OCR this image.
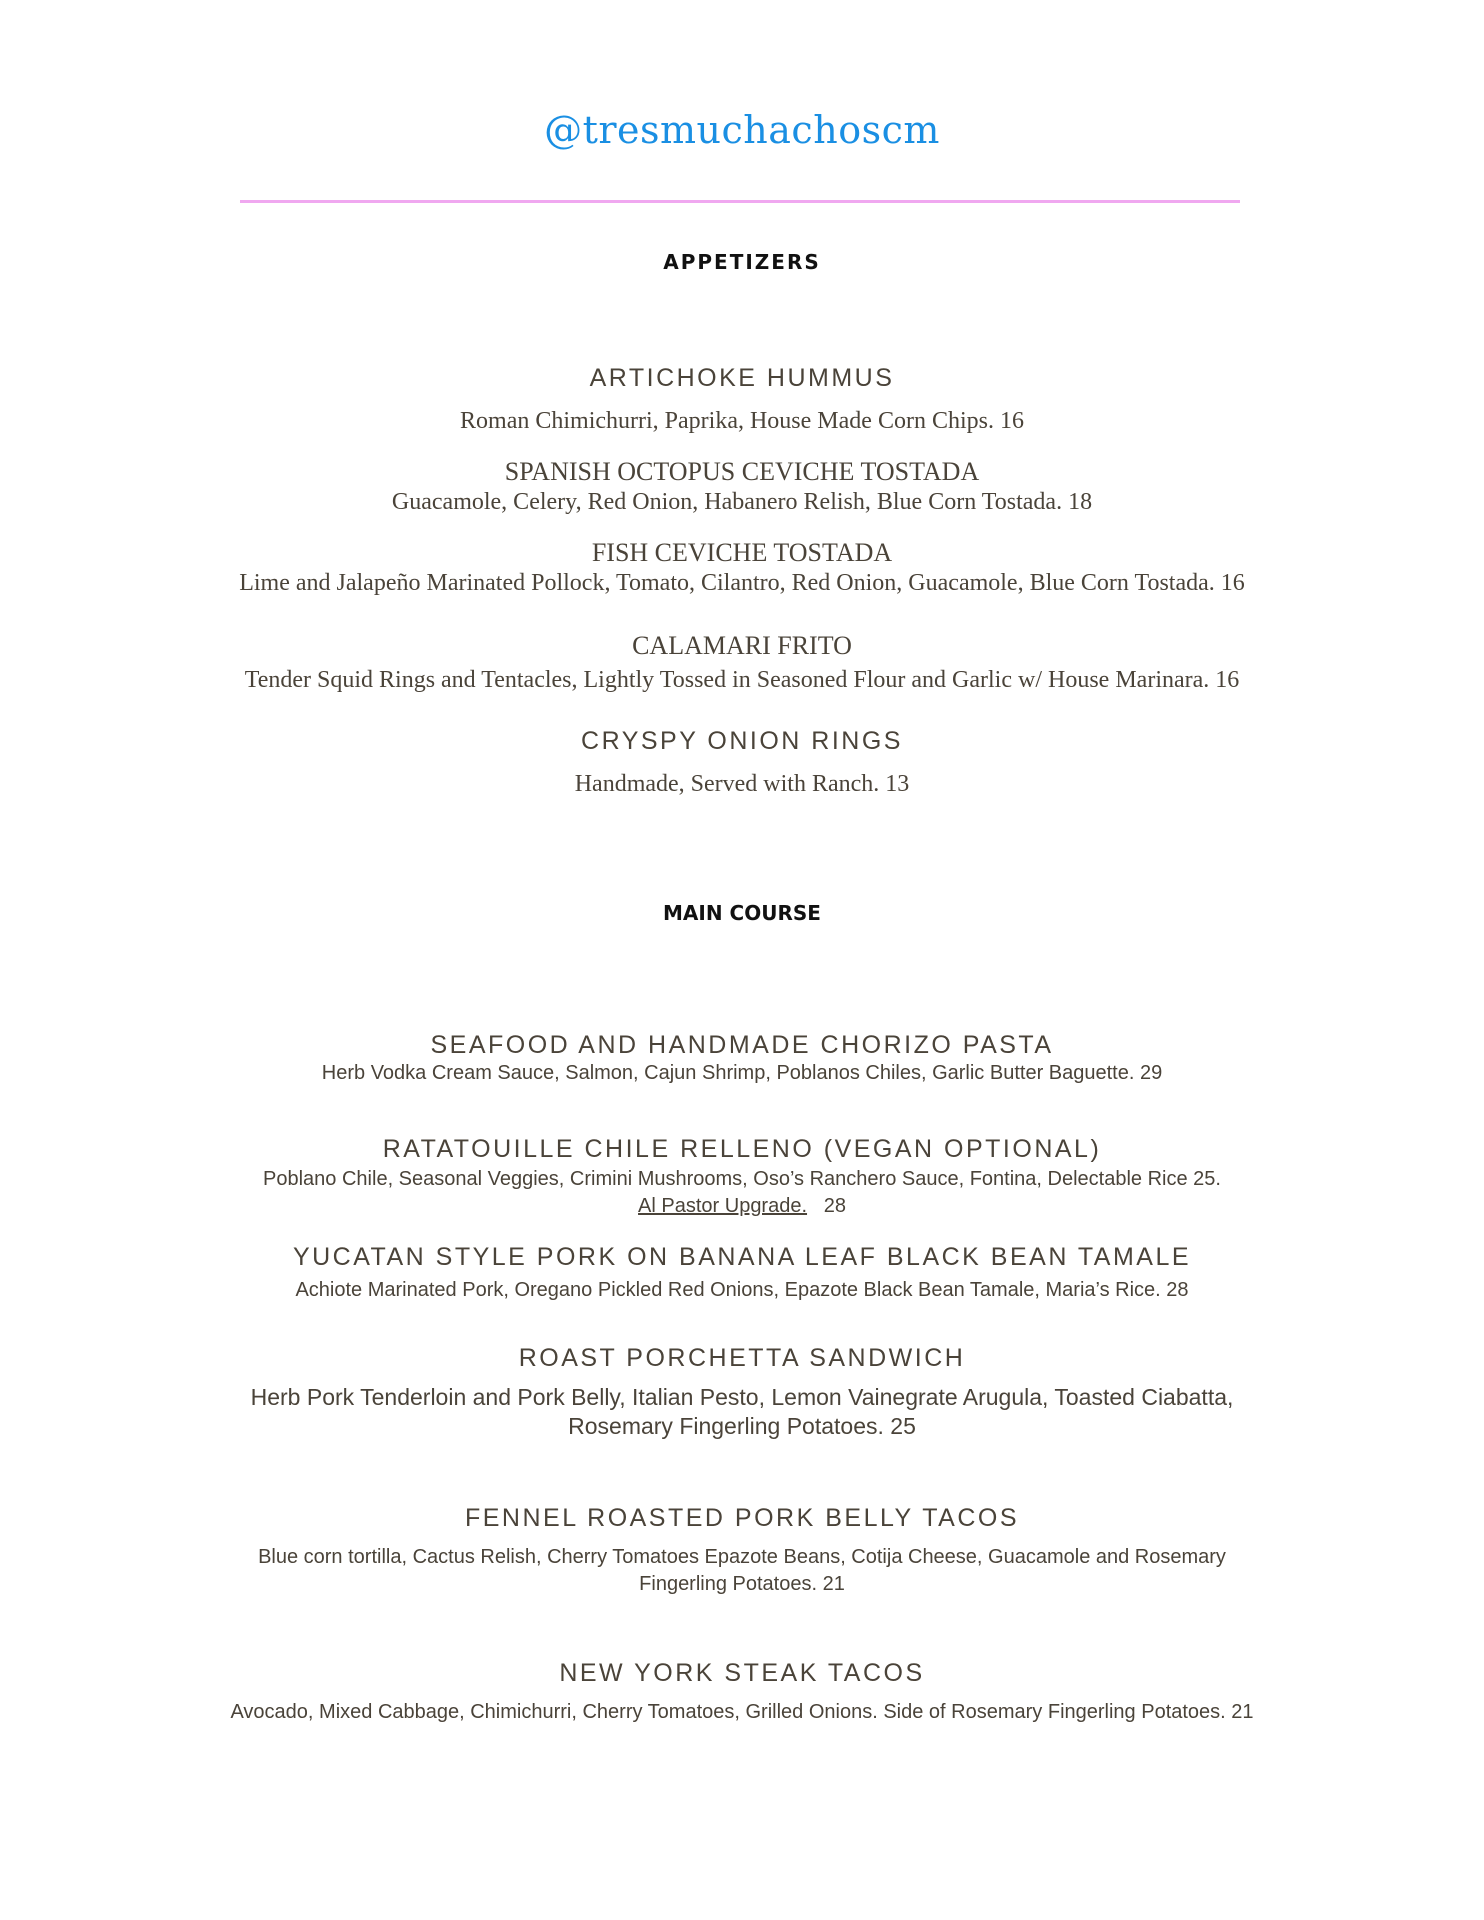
@tresmuchachoscm
APPETIZERS
ARTICHOKE HUMMUS
Roman Chimichurri, Paprika, House Made Corn Chips. 16
SPANISH OCTOPUS CEVICHE TOSTADA
Guacamole, Celery, Red Onion, Habanero Relish, Blue Corn Tostada. 18
FISH CEVICHE TOSTADA
Lime and Jalapeño Marinated Pollock, Tomato, Cilantro, Red Onion, Guacamole, Blue Corn Tostada. 16
CALAMARI FRITO
Tender Squid Rings and Tentacles, Lightly Tossed in Seasoned Flour and Garlic w/ House Marinara. 16
CRYSPY ONION RINGS
Handmade, Served with Ranch. 13
MAIN COURSE
SEAFOOD AND HANDMADE CHORIZO PASTA
Herb Vodka Cream Sauce, Salmon, Cajun Shrimp, Poblanos Chiles, Garlic Butter Baguette. 29
RATATOUILLE CHILE RELLENO (VEGAN OPTIONAL)
Poblano Chile, Seasonal Veggies, Crimini Mushrooms, Oso’s Ranchero Sauce, Fontina, Delectable Rice 25.
Al Pastor Upgrade. 28
YUCATAN STYLE PORK ON BANANA LEAF BLACK BEAN TAMALE
Achiote Marinated Pork, Oregano Pickled Red Onions, Epazote Black Bean Tamale, Maria’s Rice. 28
ROAST PORCHETTA SANDWICH
Herb Pork Tenderloin and Pork Belly, Italian Pesto, Lemon Vainegrate Arugula, Toasted Ciabatta,
Rosemary Fingerling Potatoes. 25
FENNEL ROASTED PORK BELLY TACOS
Blue corn tortilla, Cactus Relish, Cherry Tomatoes Epazote Beans, Cotija Cheese, Guacamole and Rosemary
Fingerling Potatoes. 21
NEW YORK STEAK TACOS
Avocado, Mixed Cabbage, Chimichurri, Cherry Tomatoes, Grilled Onions. Side of Rosemary Fingerling Potatoes. 21
